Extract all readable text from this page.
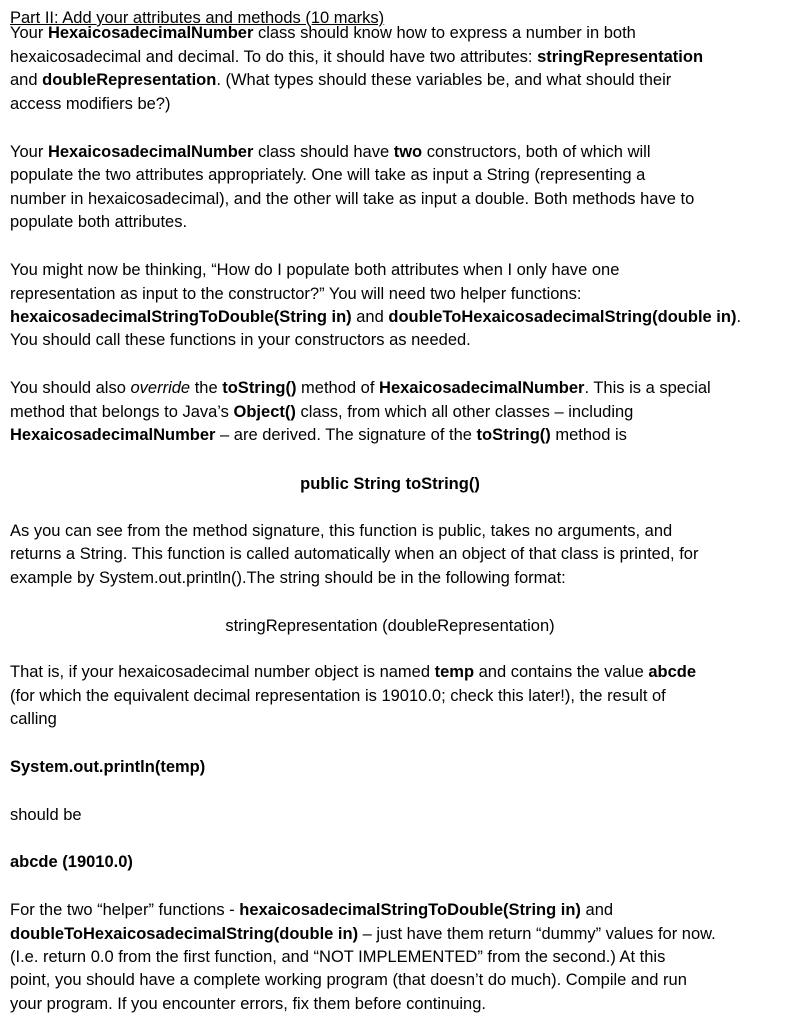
Part II: Add your attributes and methods (10 marks)
Your HexaicosadecimalNumber class should know how to express a number in both
hexaicosadecimal and decimal. To do this, it should have two attributes: stringRepresentation
and doubleRepresentation. (What types should these variables be, and what should their
access modifiers be?)
Your HexaicosadecimalNumber class should have two constructors, both of which will
populate the two attributes appropriately. One will take as input a String (representing a
number in hexaicosadecimal), and the other will take as input a double. Both methods have to
populate both attributes.
You might now be thinking, “How do I populate both attributes when I only have one
representation as input to the constructor?” You will need two helper functions:
hexaicosadecimalStringToDouble(String in) and doubleToHexaicosadecimalString(double in).
You should call these functions in your constructors as needed.
You should also override the toString() method of HexaicosadecimalNumber. This is a special
method that belongs to Java’s Object() class, from which all other classes – including
HexaicosadecimalNumber – are derived. The signature of the toString() method is
public String toString()
As you can see from the method signature, this function is public, takes no arguments, and
returns a String. This function is called automatically when an object of that class is printed, for
example by System.out.println().The string should be in the following format:
stringRepresentation (doubleRepresentation)
That is, if your hexaicosadecimal number object is named temp and contains the value abcde
(for which the equivalent decimal representation is 19010.0; check this later!), the result of
calling
System.out.println(temp)
should be
abcde (19010.0)
For the two “helper” functions - hexaicosadecimalStringToDouble(String in) and
doubleToHexaicosadecimalString(double in) – just have them return “dummy” values for now.
(I.e. return 0.0 from the first function, and “NOT IMPLEMENTED” from the second.) At this
point, you should have a complete working program (that doesn’t do much). Compile and run
your program. If you encounter errors, fix them before continuing.
